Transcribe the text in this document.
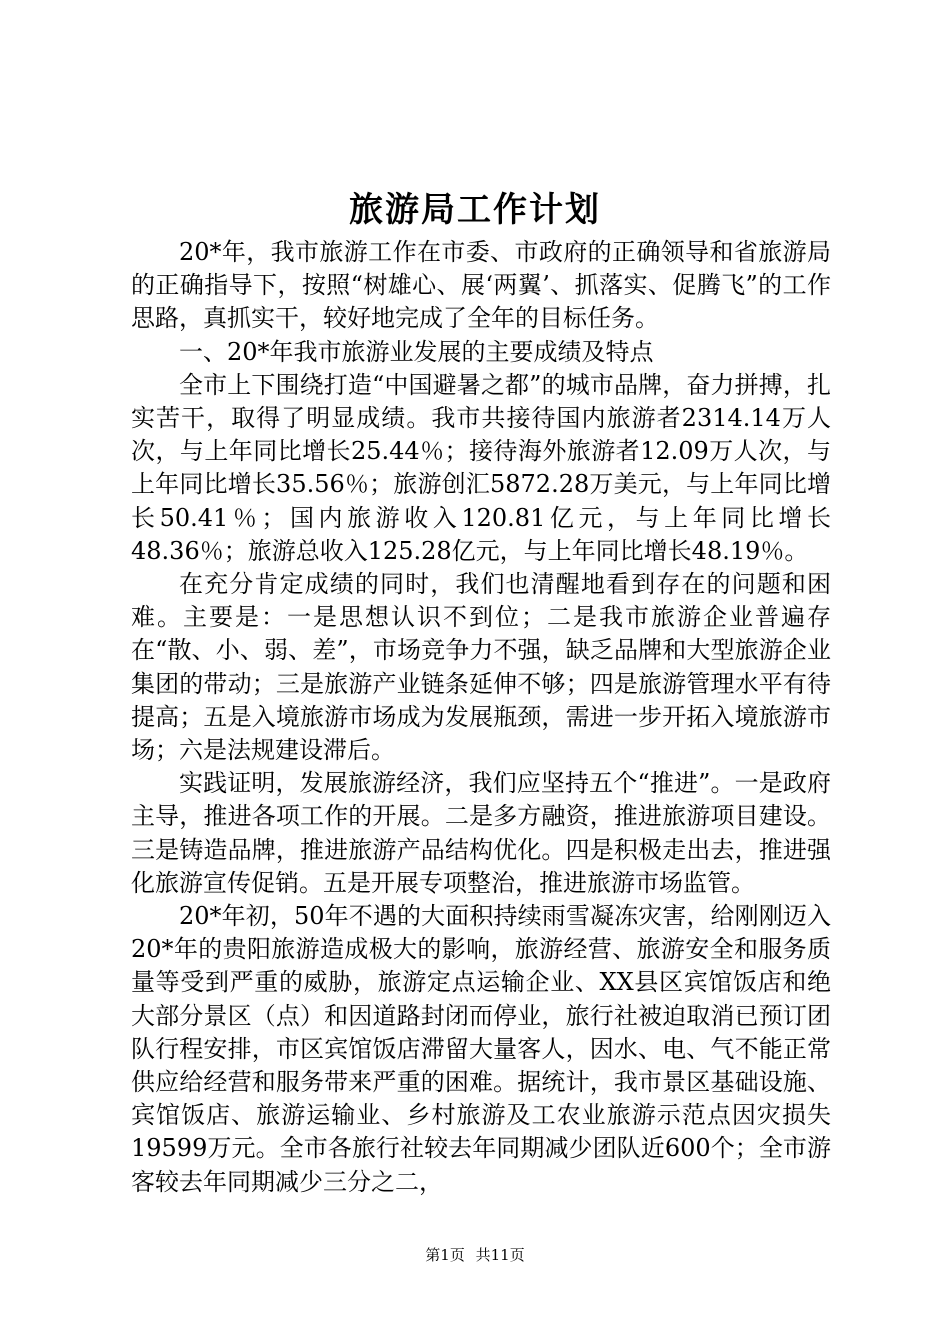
旅游局工作计划

20*年，我市旅游工作在市委、市政府的正确领导和省旅游局的正确指导下，按照“树雄心、展‘两翼’、抓落实、促腾飞”的工作思路，真抓实干，较好地完成了全年的目标任务。

一、20*年我市旅游业发展的主要成绩及特点

全市上下围绕打造“中国避暑之都”的城市品牌，奋力拼搏，扎实苦干，取得了明显成绩。我市共接待国内旅游者2314.14万人次，与上年同比增长25.44％；接待海外旅游者12.09万人次，与上年同比增长35.56％；旅游创汇5872.28万美元，与上年同比增长50.41％；国内旅游收入120.81亿元，与上年同比增长48.36％；旅游总收入125.28亿元，与上年同比增长48.19％。

在充分肯定成绩的同时，我们也清醒地看到存在的问题和困难。主要是：一是思想认识不到位；二是我市旅游企业普遍存在“散、小、弱、差”，市场竞争力不强，缺乏品牌和大型旅游企业集团的带动；三是旅游产业链条延伸不够；四是旅游管理水平有待提高；五是入境旅游市场成为发展瓶颈，需进一步开拓入境旅游市场；六是法规建设滞后。

实践证明，发展旅游经济，我们应坚持五个“推进”。一是政府主导，推进各项工作的开展。二是多方融资，推进旅游项目建设。三是铸造品牌，推进旅游产品结构优化。四是积极走出去，推进强化旅游宣传促销。五是开展专项整治，推进旅游市场监管。

20*年初，50年不遇的大面积持续雨雪凝冻灾害，给刚刚迈入20*年的贵阳旅游造成极大的影响，旅游经营、旅游安全和服务质量等受到严重的威胁，旅游定点运输企业、XX县区宾馆饭店和绝大部分景区（点）和因道路封闭而停业，旅行社被迫取消已预订团队行程安排，市区宾馆饭店滞留大量客人，因水、电、气不能正常供应给经营和服务带来严重的困难。据统计，我市景区基础设施、宾馆饭店、旅游运输业、乡村旅游及工农业旅游示范点因灾损失19599万元。全市各旅行社较去年同期减少团队近600个；全市游客较去年同期减少三分之二，

第1页 共11页
